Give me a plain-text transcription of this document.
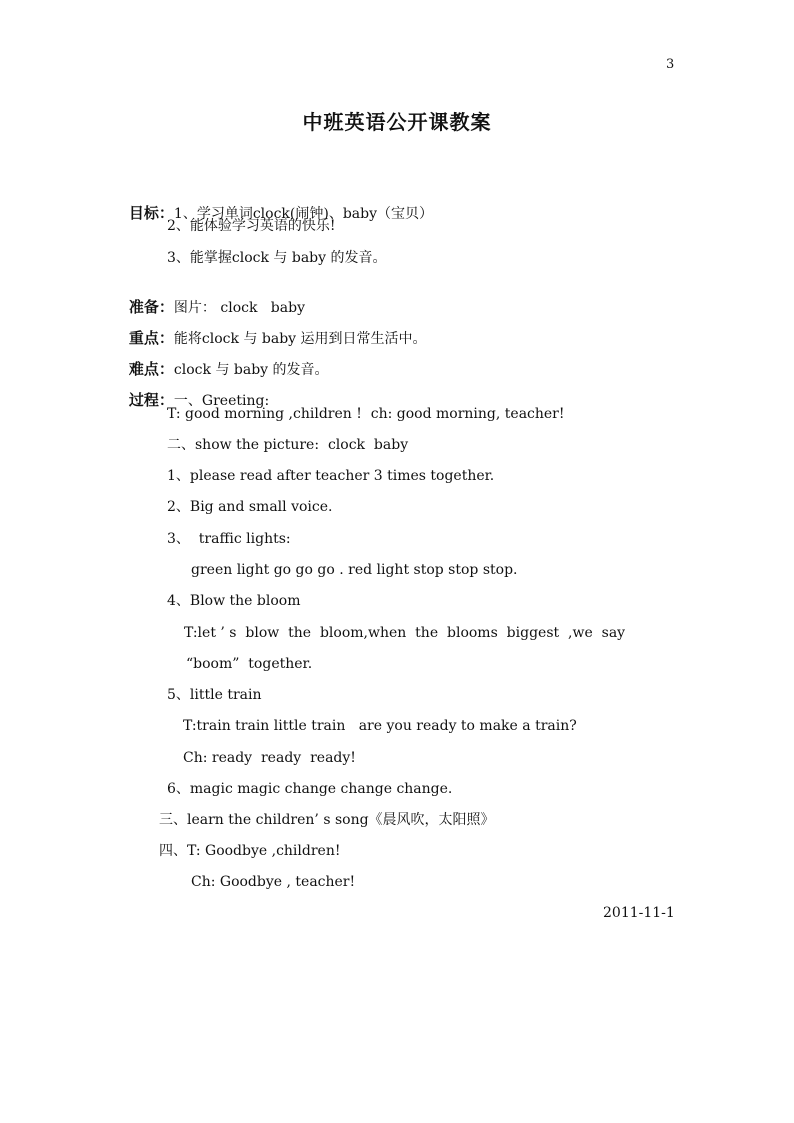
3
中班英语公开课教案

目标：1、学习单词clock(闹钟)、baby（宝贝）

2、能体验学习英语的快乐!
3、能掌握clock 与 baby 的发音。

准备：图片： clock   baby

重点：能将clock 与 baby 运用到日常生活中。

难点：clock 与 baby 的发音。

过程：一、Greeting:

T: good morning ,children !  ch: good morning, teacher!
二、show the picture:  clock  baby
1、please read after teacher 3 times together.
2、Big and small voice.
3、  traffic lights:
green light go go go . red light stop stop stop.
4、Blow the bloom
T:let ’ s  blow  the  bloom,when  the  blooms  biggest  ,we  say
“boom”  together.
5、little train
T:train train little train   are you ready to make a train?
Ch: ready  ready  ready!
6、magic magic change change change.
三、learn the children’ s song《晨风吹，太阳照》
四、T: Goodbye ,children!
Ch: Goodbye , teacher!
2011-11-1
